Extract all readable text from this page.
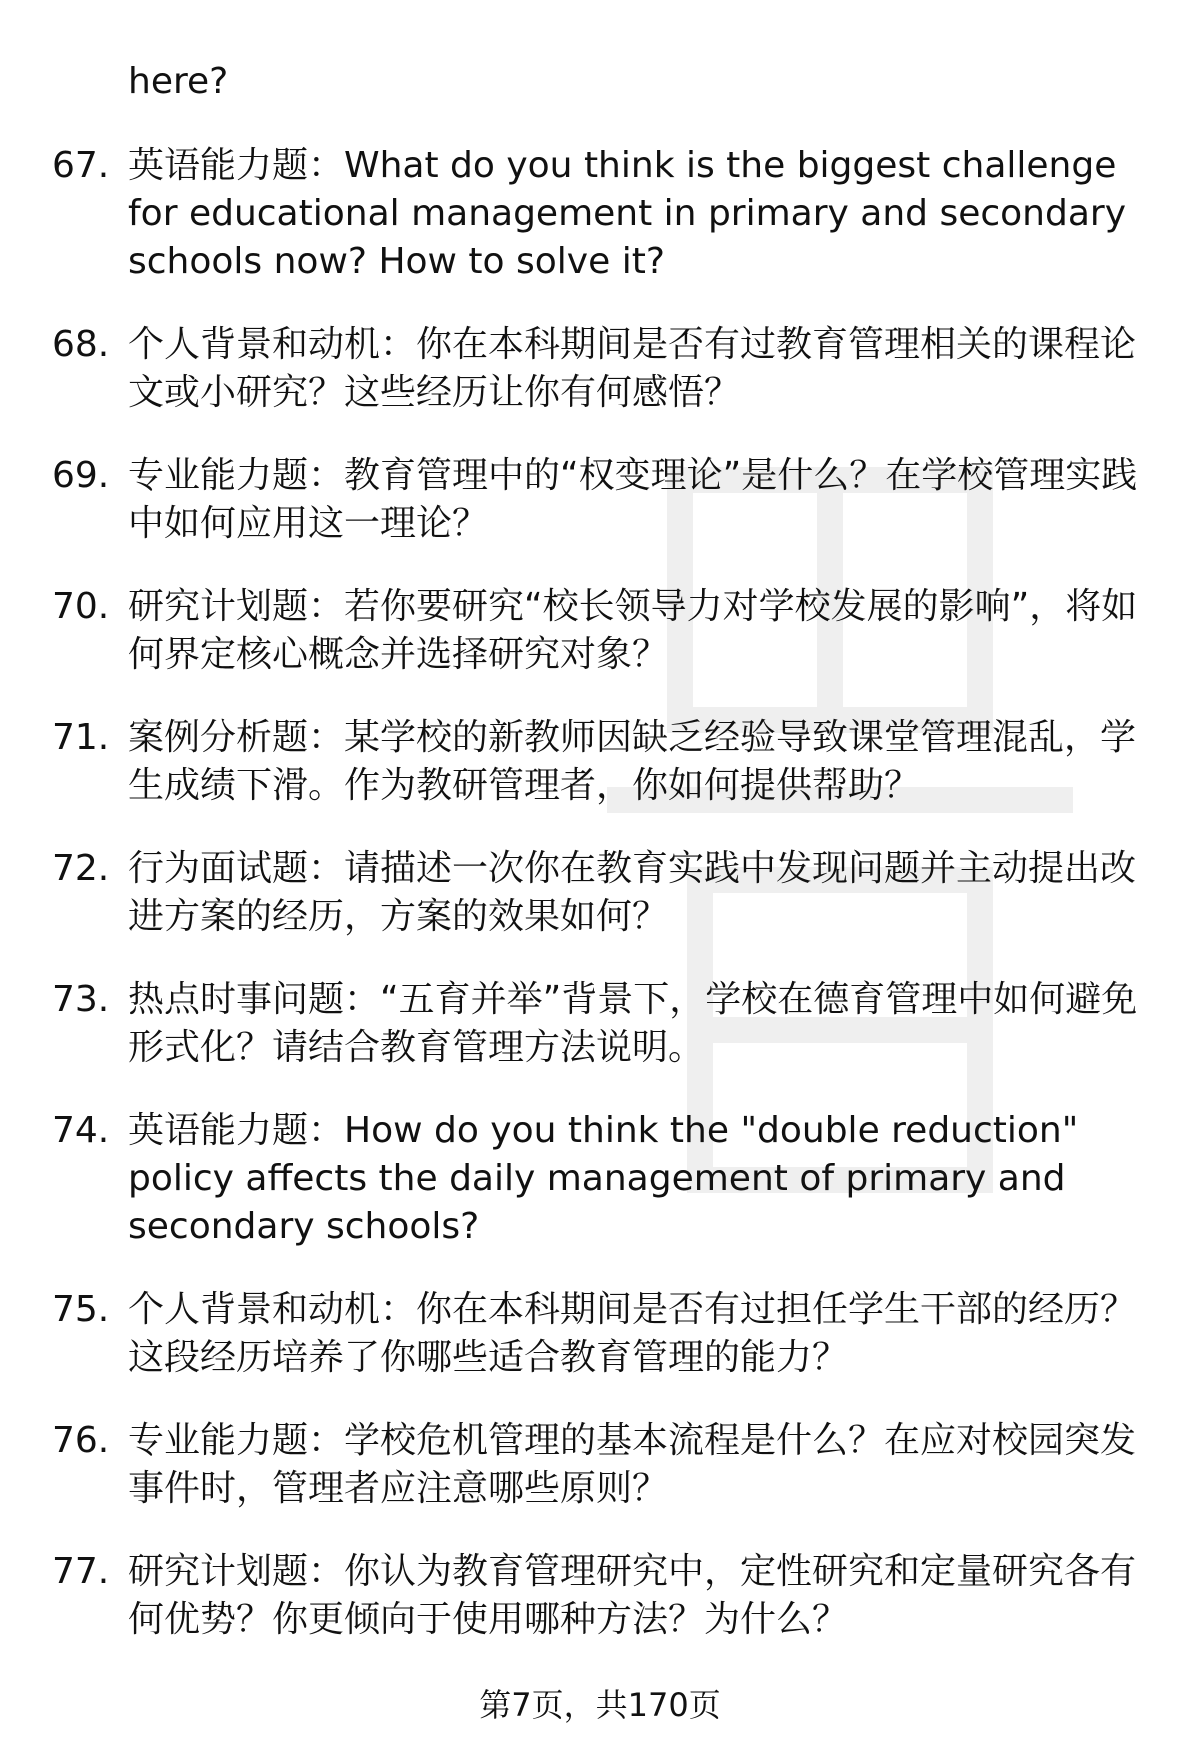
here?

67. 英语能力题：What do you think is the biggest challenge for educational management in primary and secondary schools now? How to solve it?
68. 个人背景和动机：你在本科期间是否有过教育管理相关的课程论文或小研究？这些经历让你有何感悟？
69. 专业能力题：教育管理中的“权变理论”是什么？在学校管理实践中如何应用这一理论？
70. 研究计划题：若你要研究“校长领导力对学校发展的影响”，将如何界定核心概念并选择研究对象？
71. 案例分析题：某学校的新教师因缺乏经验导致课堂管理混乱，学生成绩下滑。作为教研管理者，你如何提供帮助？
72. 行为面试题：请描述一次你在教育实践中发现问题并主动提出改进方案的经历，方案的效果如何？
73. 热点时事问题：“五育并举”背景下，学校在德育管理中如何避免形式化？请结合教育管理方法说明。
74. 英语能力题：How do you think the "double reduction" policy affects the daily management of primary and secondary schools?
75. 个人背景和动机：你在本科期间是否有过担任学生干部的经历？这段经历培养了你哪些适合教育管理的能力？
76. 专业能力题：学校危机管理的基本流程是什么？在应对校园突发事件时，管理者应注意哪些原则？
77. 研究计划题：你认为教育管理研究中，定性研究和定量研究各有何优势？你更倾向于使用哪种方法？为什么？
第7页，共170页
